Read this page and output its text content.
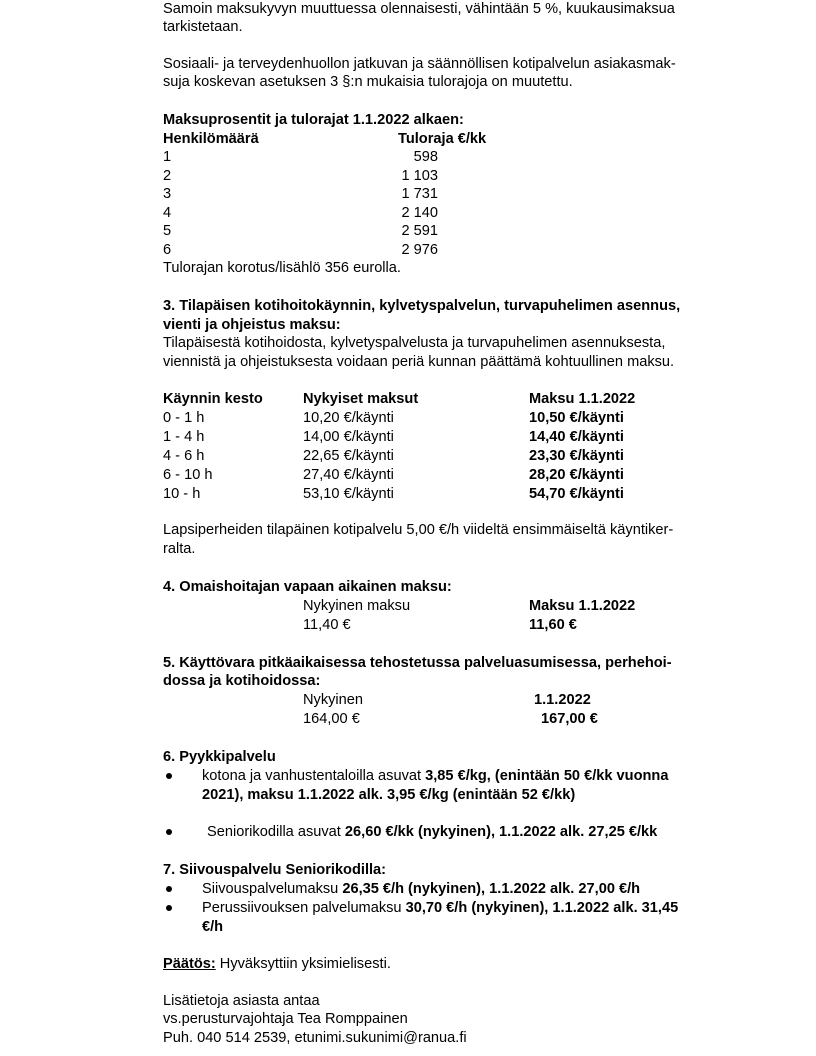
Samoin maksukyvyn muuttuessa olennaisesti, vähintään 5 %, kuukausimaksua
tarkistetaan.
Sosiaali- ja terveydenhuollon jatkuvan ja säännöllisen kotipalvelun asiakasmak-
suja koskevan asetuksen 3 §:n mukaisia tulorajoja on muutettu.
Maksuprosentit ja tulorajat 1.1.2022 alkaen:
Henkilömäärä	Tuloraja €/kk
1	598
2	1 103
3	1 731
4	2 140
5	2 591
6	2 976
Tulorajan korotus/lisählö 356 eurolla.
3. Tilapäisen kotihoitokäynnin, kylvetyspalvelun, turvapuhelimen asennus,
vienti ja ohjeistus maksu:
Tilapäisestä kotihoidosta, kylvetyspalvelusta ja turvapuhelimen asennuksesta,
viennistä ja ohjeistuksesta voidaan periä kunnan päättämä kohtuullinen maksu.
Käynnin kesto	Nykyiset maksut	Maksu 1.1.2022
0 - 1 h	10,20 €/käynti	10,50 €/käynti
1 - 4 h	14,00 €/käynti	14,40 €/käynti
4 - 6 h	22,65 €/käynti	23,30 €/käynti
6 - 10 h	27,40 €/käynti	28,20 €/käynti
10 - h	53,10 €/käynti	54,70 €/käynti
Lapsiperheiden tilapäinen kotipalvelu 5,00 €/h viideltä ensimmäiseltä käyntiker-
ralta.
4. Omaishoitajan vapaan aikainen maksu:
Nykyinen maksu	Maksu 1.1.2022
11,40 €	11,60 €
5. Käyttövara pitkäaikaisessa tehostetussa palveluasumisessa, perhehoi-
dossa ja kotihoidossa:
Nykyinen	1.1.2022
164,00 €	167,00 €
6. Pyykkipalvelu
kotona ja vanhustentaloilla asuvat 3,85 €/kg, (enintään 50 €/kk vuonna
2021), maksu 1.1.2022 alk. 3,95 €/kg (enintään 52 €/kk)
Seniorikodilla asuvat 26,60 €/kk (nykyinen), 1.1.2022 alk. 27,25 €/kk
7. Siivouspalvelu Seniorikodilla:
Siivouspalvelumaksu 26,35 €/h (nykyinen), 1.1.2022 alk. 27,00 €/h
Perussiivouksen palvelumaksu 30,70 €/h (nykyinen), 1.1.2022 alk. 31,45
€/h
Päätös: Hyväksyttiin yksimielisesti.
Lisätietoja asiasta antaa
vs.perusturvajohtaja Tea Romppainen
Puh. 040 514 2539, etunimi.sukunimi@ranua.fi
